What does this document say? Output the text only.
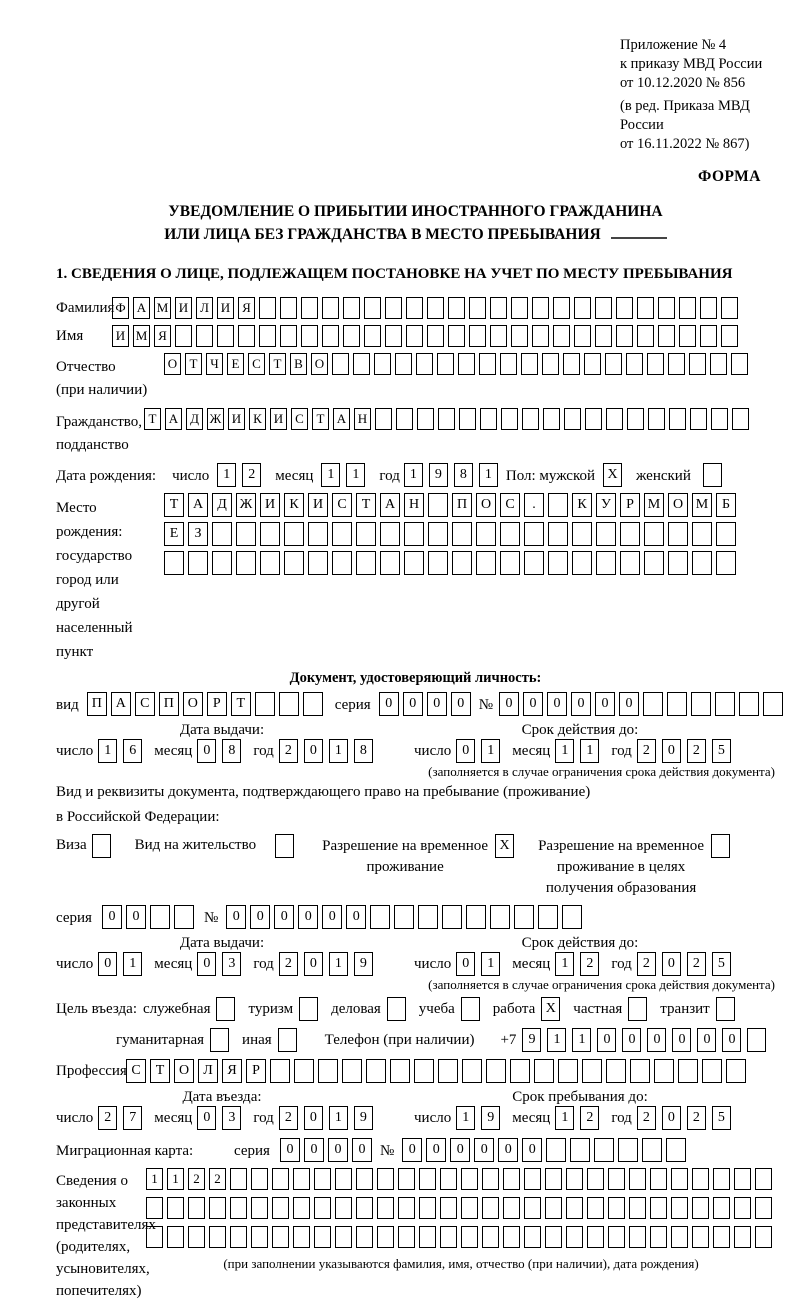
Приложение № 4
к приказу МВД России
от 10.12.2020 № 856
(в ред. Приказа МВД России
от 16.11.2022 № 867)
ФОРМА
УВЕДОМЛЕНИЕ О ПРИБЫТИИ ИНОСТРАННОГО ГРАЖДАНИНА
ИЛИ ЛИЦА БЕЗ ГРАЖДАНСТВА В МЕСТО ПРЕБЫВАНИЯ
1. СВЕДЕНИЯ О ЛИЦЕ, ПОДЛЕЖАЩЕМ ПОСТАНОВКЕ НА УЧЕТ ПО МЕСТУ ПРЕБЫВАНИЯ
Фамилия Ф А М И Л И Я
Имя	И М Я
Отчество
(при наличии)
О Т Ч Е С Т В О
Гражданство,
подданство
Т А Д Ж И К И С Т А Н
Дата рождения:	число	1 2	месяц	1 1	год 1 9 8 1 Пол: мужской X	женский
Место рождения:
государство
город или другой
населенный пункт
Т А Д Ж И К И С Т А Н	П О С .	К У Р М О М Б
Е З
Документ, удостоверяющий личность:
вид П А С П О Р Т	серия	0 0 0 0 № 0 0 0 0 0 0
Дата выдачи:	Срок действия до:
число 1 6	месяц 0 8	год 2 0 1 8	число 0 1	месяц 1 1	год 2 0 2 5
(заполняется в случае ограничения срока действия документа)
Вид и реквизиты документа, подтверждающего право на пребывание (проживание)
в Российской Федерации:
Виза	Вид на жительство	Разрешение на временное
проживание
X Разрешение на временное
проживание в целях
получения образования
серия	0 0	№	0 0 0 0 0 0
Дата выдачи:	Срок действия до:
число 0 1	месяц 0 3	год 2 0 1 9	число 0 1	месяц 1 2	год 2 0 2 5
(заполняется в случае ограничения срока действия документа)
Цель въезда: служебная	туризм	деловая	учеба	работа X частная	транзит
гуманитарная	иная	Телефон (при наличии) +7 9 1 1 0 0 0 0 0 0
Профессия С Т О Л Я Р
Дата въезда:	Срок пребывания до:
число 2 7	месяц 0 3	год 2 0 1 9	число 1 9	месяц 1 2	год 2 0 2 5
Миграционная карта:	серия	0 0 0 0 №	0 0 0 0 0 0
Сведения о
законных
представителях
(родителях,
усыновителях,
попечителях)
1 1 2 2
(при заполнении указываются фамилия, имя, отчество (при наличии), дата рождения)
